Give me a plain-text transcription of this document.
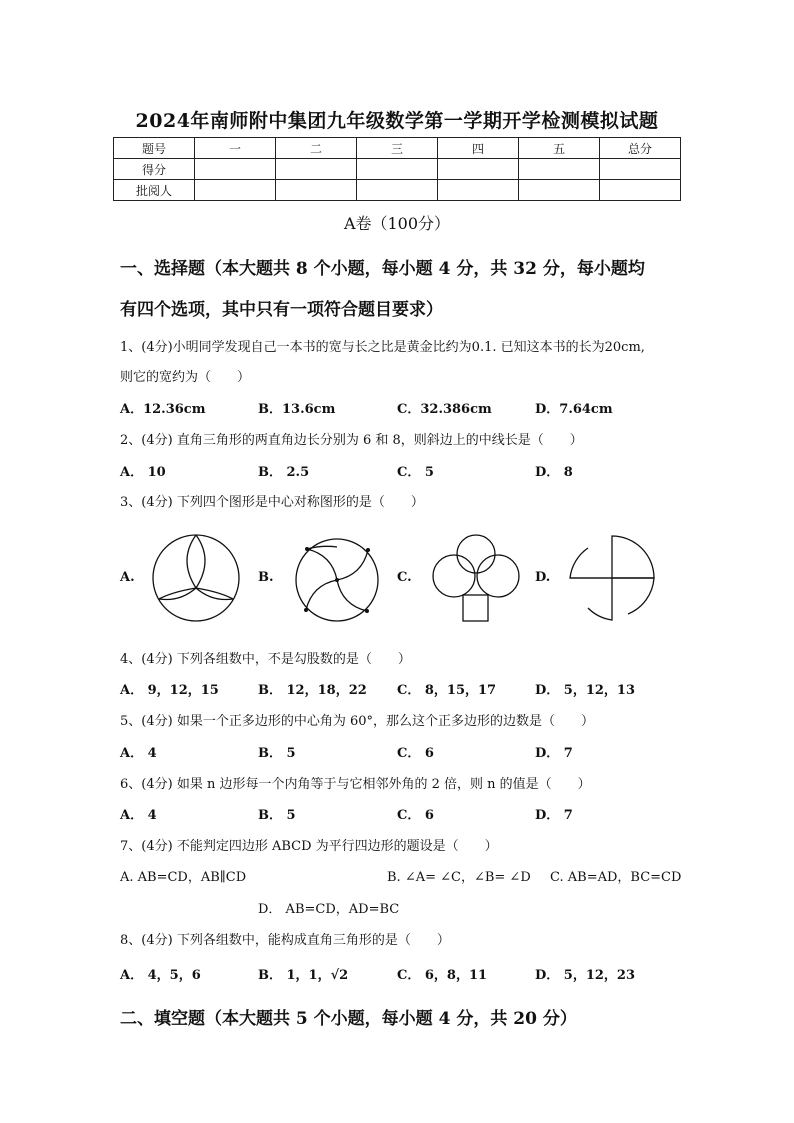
2024年南师附中集团九年级数学第一学期开学检测模拟试题
题号	一	二	三	四	五	总分
得分						
批阅人						
A卷（100分）
一、选择题（本大题共 8 个小题，每小题 4 分，共 32 分，每小题均
有四个选项，其中只有一项符合题目要求）
1、(4分)小明同学发现自己一本书的宽与长之比是黄金比约为0.1. 已知这本书的长为20cm,
则它的宽约为（　　）
A．12.36cm	B．13.6cm	C．32.386cm	D．7.64cm
2、(4分) 直角三角形的两直角边长分别为 6 和 8，则斜边上的中线长是（　　）
A． 10	B． 2.5	C． 5	D． 8
3、(4分) 下列四个图形是中心对称图形的是（　　）
A.	B.	C.	D.
4、(4分) 下列各组数中，不是勾股数的是（　　）
A． 9，12，15	B． 12，18，22 C． 8，15，17	D． 5，12，13
5、(4分) 如果一个正多边形的中心角为 60°，那么这个正多边形的边数是（　　）
A． 4	B． 5	C． 6	D． 7
6、(4分) 如果 n 边形每一个内角等于与它相邻外角的 2 倍，则 n 的值是（　　）
A． 4	B． 5	C． 6	D． 7
7、(4分) 不能判定四边形 ABCD 为平行四边形的题设是（　　）
A. AB=CD，AB∥CD	B. ∠A= ∠C，∠B= ∠D C. AB=AD，BC=CD
D． AB=CD，AD=BC
8、(4分) 下列各组数中，能构成直角三角形的是（　　）
A． 4，5，6	B． 1，1，√2	C． 6，8，11	D． 5，12，23
二、填空题（本大题共 5 个小题，每小题 4 分，共 20 分）
